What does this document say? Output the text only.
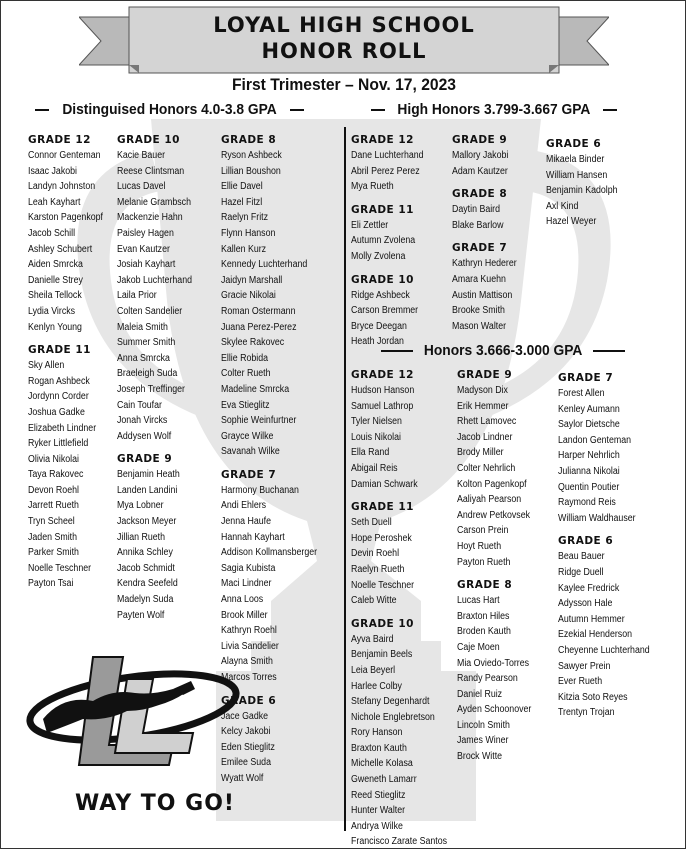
LOYAL HIGH SCHOOL
HONOR ROLL
First Trimester – Nov. 17, 2023
Distinguised Honors 4.0-3.8 GPA	High Honors 3.799-3.667 GPA
Honors 3.666-3.000 GPA
GRADE 12
Connor Genteman
Isaac Jakobi
Landyn Johnston
Leah Kayhart
Karston Pagenkopf
Jacob Schill
Ashley Schubert
Aiden Smrcka
Danielle Strey
Sheila Tellock
Lydia Vircks
Kenlyn Young
GRADE 11
Sky Allen
Rogan Ashbeck
Jordynn Corder
Joshua Gadke
Elizabeth Lindner
Ryker Littlefield
Olivia Nikolai
Taya Rakovec
Devon Roehl
Jarrett Rueth
Tryn Scheel
Jaden Smith
Parker Smith
Noelle Teschner
Payton Tsai
GRADE 10
Kacie Bauer
Reese Clintsman
Lucas Davel
Melanie Grambsch
Mackenzie Hahn
Paisley Hagen
Evan Kautzer
Josiah Kayhart
Jakob Luchterhand
Laila Prior
Colten Sandelier
Maleia Smith
Summer Smith
Anna Smrcka
Braeleigh Suda
Joseph Treffinger
Cain Toufar
Jonah Vircks
Addysen Wolf
GRADE 9
Benjamin Heath
Landen Landini
Mya Lobner
Jackson Meyer
Jillian Rueth
Annika Schley
Jacob Schmidt
Kendra Seefeld
Madelyn Suda
Payten Wolf
GRADE 8
Ryson Ashbeck
Lillian Boushon
Ellie Davel
Hazel Fitzl
Raelyn Fritz
Flynn Hanson
Kallen Kurz
Kennedy Luchterhand
Jaidyn Marshall
Gracie Nikolai
Roman Ostermann
Juana Perez-Perez
Skylee Rakovec
Ellie Robida
Colter Rueth
Madeline Smrcka
Eva Stieglitz
Sophie Weinfurtner
Grayce Wilke
Savanah Wilke
GRADE 7
Harmony Buchanan
Andi Ehlers
Jenna Haufe
Hannah Kayhart
Addison Kollmansberger
Sagia Kubista
Maci Lindner
Anna Loos
Brook Miller
Kathryn Roehl
Livia Sandelier
Alayna Smith
Marcos Torres
GRADE 6
Jace Gadke
Kelcy Jakobi
Eden Stieglitz
Emilee Suda
Wyatt Wolf
GRADE 12
Dane Luchterhand
Abril Perez Perez
Mya Rueth
GRADE 11
Eli Zettler
Autumn Zvolena
Molly Zvolena
GRADE 10
Ridge Ashbeck
Carson Bremmer
Bryce Deegan
Heath Jordan
GRADE 9
Mallory Jakobi
Adam Kautzer
GRADE 8
Daytin Baird
Blake Barlow
GRADE 7
Kathryn Hederer
Amara Kuehn
Austin Mattison
Brooke Smith
Mason Walter
GRADE 6
Mikaela Binder
William Hansen
Benjamin Kadolph
Axl Kind
Hazel Weyer
GRADE 12
Hudson Hanson
Samuel Lathrop
Tyler Nielsen
Louis Nikolai
Ella Rand
Abigail Reis
Damian Schwark
GRADE 11
Seth Duell
Hope Peroshek
Devin Roehl
Raelyn Rueth
Noelle Teschner
Caleb Witte
GRADE 10
Ayva Baird
Benjamin Beels
Leia Beyerl
Harlee Colby
Stefany Degenhardt
Nichole Englebretson
Rory Hanson
Braxton Kauth
Michelle Kolasa
Gweneth Lamarr
Reed Stieglitz
Hunter Walter
Andrya Wilke
Francisco Zarate Santos
GRADE 9
Madyson Dix
Erik Hemmer
Rhett Lamovec
Jacob Lindner
Brody Miller
Colter Nehrlich
Kolton Pagenkopf
Aaliyah Pearson
Andrew Petkovsek
Carson Prein
Hoyt Rueth
Payton Rueth
GRADE 8
Lucas Hart
Braxton Hiles
Broden Kauth
Caje Moen
Mia Oviedo-Torres
Randy Pearson
Daniel Ruiz
Ayden Schoonover
Lincoln Smith
James Winer
Brock Witte
GRADE 7
Forest Allen
Kenley Aumann
Saylor Dietsche
Landon Genteman
Harper Nehrlich
Julianna Nikolai
Quentin Poutier
Raymond Reis
William Waldhauser
GRADE 6
Beau Bauer
Ridge Duell
Kaylee Fredrick
Adysson Hale
Autumn Hemmer
Ezekial Henderson
Cheyenne Luchterhand
Sawyer Prein
Ever Rueth
Kitzia Soto Reyes
Trentyn Trojan
WAY TO GO!
